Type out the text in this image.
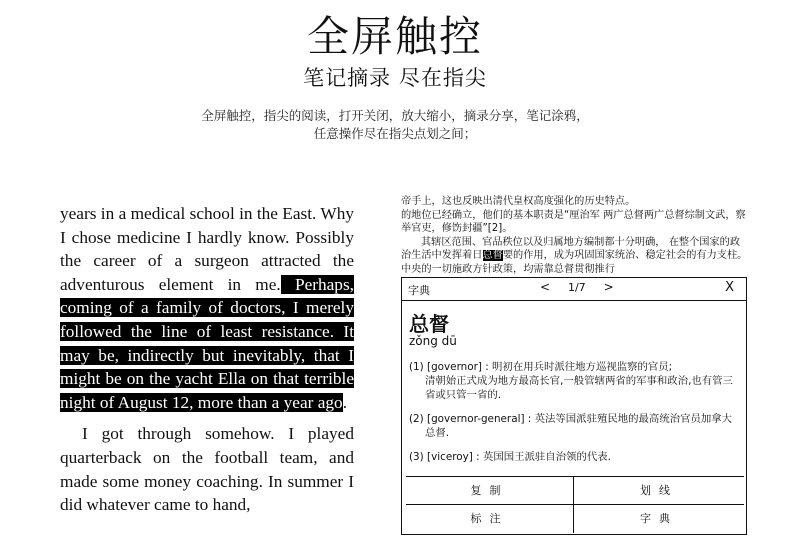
全屏触控
笔记摘录 尽在指尖
全屏触控，指尖的阅读，打开关闭，放大缩小，摘录分享，笔记涂鸦，
任意操作尽在指尖点划之间；

years in a medical school in the East. Why I chose medicine I hardly know. Possibly the career of a surgeon attracted the adventurous element in me. Perhaps, coming of a family of doctors, I merely followed the line of least resistance. It may be, indirectly but inevitably, that I might be on the yacht Ella on that terrible night of August 12, more than a year ago.

I got through somehow. I played quarterback on the football team, and made some money coaching. In summer I did whatever came to hand,

帝手上，这也反映出清代皇权高度强化的历史特点。

的地位已经确立，他们的基本职责是“厘治军 两广总督两广总督综制文武，察举官吏，修饬封疆”[2]。

其辖区范围、官品秩位以及归属地方编制都十分明确， 在整个国家的政治生活中发挥着日总督要的作用，成为巩固国家统治、稳定社会的有力支柱。中央的一切施政方针政策，均需靠总督贯彻推行

字典	< 1/7 >	X
总督
zǒng dū
(1) [governor] : 明初在用兵时派往地方巡视监察的官员;
清朝始正式成为地方最高长官,一般管辖两省的军事和政治,也有管三省或只管一省的.
(2) [governor-general] : 英法等国派驻殖民地的最高统治官员加拿大
总督.
(3) [viceroy] : 英国国王派驻自治领的代表.
复制	划线
标注	字典
